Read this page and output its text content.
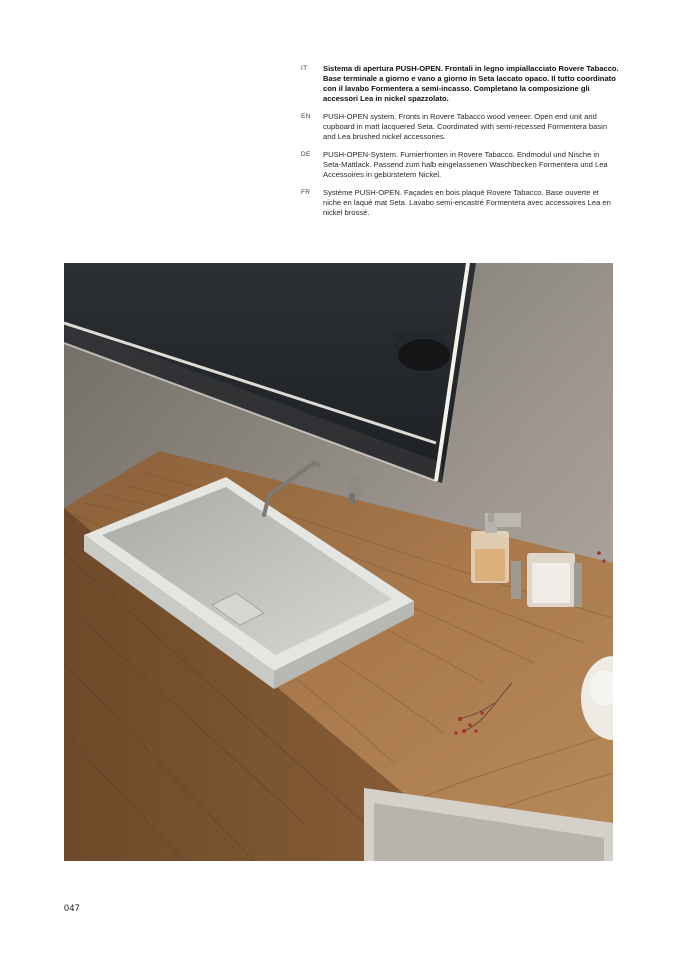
IT	Sistema di apertura PUSH-OPEN. Frontali in legno impiallacciato Rovere Tabacco. Base terminale a giorno e vano a giorno in Seta laccato opaco. Il tutto coordinato con il lavabo Formentera a semi-incasso. Completano la composizione gli accessori Lea in nickel spazzolato.
EN	PUSH-OPEN system. Fronts in Rovere Tabacco wood veneer. Open end unit and cupboard in matt lacquered Seta. Coordinated with semi-recessed Formentera basin and Lea brushed nickel accessories.
DE	PUSH-OPEN-System. Furnierfronten in Rovere Tabacco. Endmodul und Nische in Seta-Mattlack. Passend zum halb eingelassenen Waschbecken Formentera und Lea Accessoires in gebürstetem Nickel.
FR	Système PUSH-OPEN. Façades en bois plaqué Rovere Tabacco. Base ouverte et niche en laqué mat Seta. Lavabo semi-encastré Formentera avec accessoires Lea en nickel brossé.
047
